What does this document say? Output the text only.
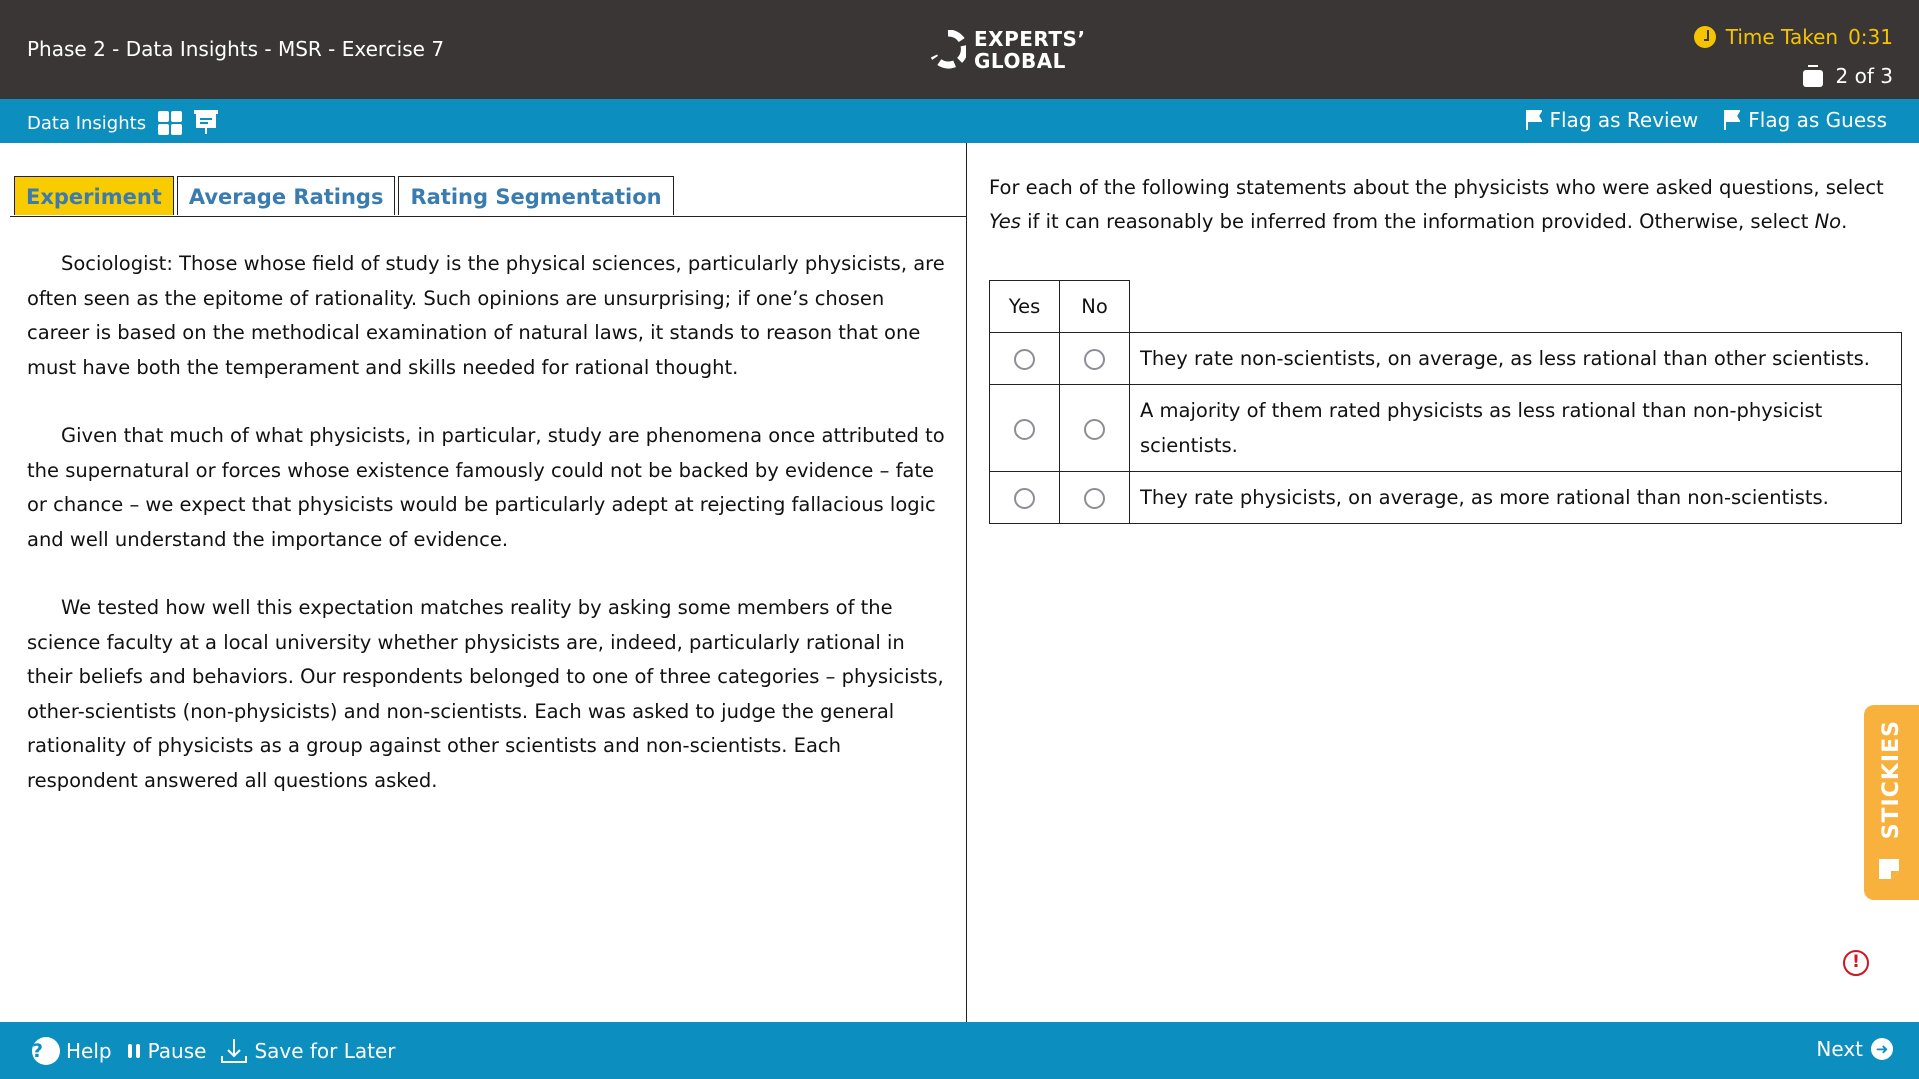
Phase 2 - Data Insights - MSR - Exercise 7	EXPERTS’
GLOBAL
Time Taken 0:31
2 of 3
Data Insights	Flag as Review	Flag as Guess
Experiment	Average Ratings	Rating Segmentation

Sociologist: Those whose field of study is the physical sciences, particularly physicists, are often seen as the epitome of rationality. Such opinions are unsurprising; if one’s chosen career is based on the methodical examination of natural laws, it stands to reason that one must have both the temperament and skills needed for rational thought.

Given that much of what physicists, in particular, study are phenomena once attributed to the supernatural or forces whose existence famously could not be backed by evidence – fate or chance – we expect that physicists would be particularly adept at rejecting fallacious logic and well understand the importance of evidence.

We tested how well this expectation matches reality by asking some members of the science faculty at a local university whether physicists are, indeed, particularly rational in their beliefs and behaviors. Our respondents belonged to one of three categories – physicists, other-scientists (non-physicists) and non-scientists. Each was asked to judge the general rationality of physicists as a group against other scientists and non-scientists. Each respondent answered all questions asked.

For each of the following statements about the physicists who were asked questions, select Yes if it can reasonably be inferred from the information provided. Otherwise, select No.
Yes	No	
		They rate non-scientists, on average, as less rational than other scientists.
		A majority of them rated physicists as less rational than non-physicist scientists.
		They rate physicists, on average, as more rational than non-scientists.
STICKIES
!
?	Help Pause Save for Later	Next ➜
